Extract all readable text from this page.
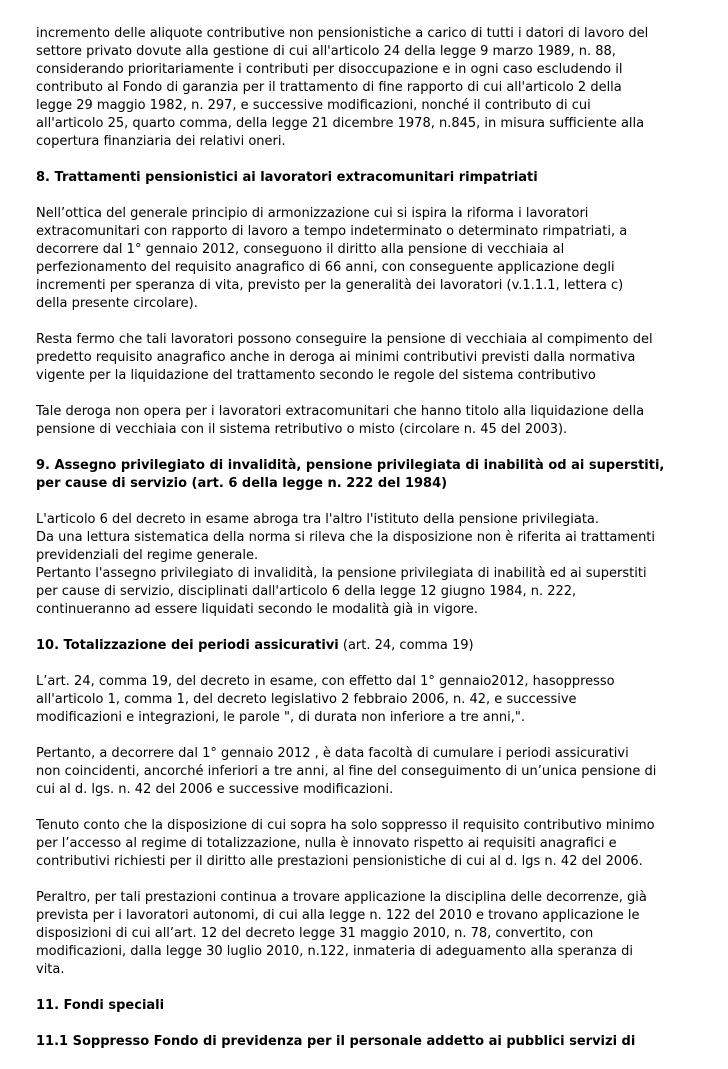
incremento delle aliquote contributive non pensionistiche a carico di tutti i datori di lavoro del
settore privato dovute alla gestione di cui all'articolo 24 della legge 9 marzo 1989, n. 88,
considerando prioritariamente i contributi per disoccupazione e in ogni caso escludendo il
contributo al Fondo di garanzia per il trattamento di fine rapporto di cui all'articolo 2 della
legge 29 maggio 1982, n. 297, e successive modificazioni, nonché il contributo di cui
all'articolo 25, quarto comma, della legge 21 dicembre 1978, n.845, in misura sufficiente alla
copertura finanziaria dei relativi oneri.
8. Trattamenti pensionistici ai lavoratori extracomunitari rimpatriati
Nell’ottica del generale principio di armonizzazione cui si ispira la riforma i lavoratori
extracomunitari con rapporto di lavoro a tempo indeterminato o determinato rimpatriati, a
decorrere dal 1° gennaio 2012, conseguono il diritto alla pensione di vecchiaia al
perfezionamento del requisito anagrafico di 66 anni, con conseguente applicazione degli
incrementi per speranza di vita, previsto per la generalità dei lavoratori (v.1.1.1, lettera c)
della presente circolare).
Resta fermo che tali lavoratori possono conseguire la pensione di vecchiaia al compimento del
predetto requisito anagrafico anche in deroga ai minimi contributivi previsti dalla normativa
vigente per la liquidazione del trattamento secondo le regole del sistema contributivo
Tale deroga non opera per i lavoratori extracomunitari che hanno titolo alla liquidazione della
pensione di vecchiaia con il sistema retributivo o misto (circolare n. 45 del 2003).
9. Assegno privilegiato di invalidità, pensione privilegiata di inabilità od ai superstiti,
per cause di servizio (art. 6 della legge n. 222 del 1984)
L'articolo 6 del decreto in esame abroga tra l'altro l'istituto della pensione privilegiata.
Da una lettura sistematica della norma si rileva che la disposizione non è riferita ai trattamenti
previdenziali del regime generale.
Pertanto l'assegno privilegiato di invalidità, la pensione privilegiata di inabilità ed ai superstiti
per cause di servizio, disciplinati dall'articolo 6 della legge 12 giugno 1984, n. 222,
continueranno ad essere liquidati secondo le modalità già in vigore.
10. Totalizzazione dei periodi assicurativi (art. 24, comma 19)
L’art. 24, comma 19, del decreto in esame, con effetto dal 1° gennaio2012, hasoppresso
all'articolo 1, comma 1, del decreto legislativo 2 febbraio 2006, n. 42, e successive
modificazioni e integrazioni, le parole ", di durata non inferiore a tre anni,".
Pertanto, a decorrere dal 1° gennaio 2012 , è data facoltà di cumulare i periodi assicurativi
non coincidenti, ancorché inferiori a tre anni, al fine del conseguimento di un’unica pensione di
cui al d. lgs. n. 42 del 2006 e successive modificazioni.
Tenuto conto che la disposizione di cui sopra ha solo soppresso il requisito contributivo minimo
per l’accesso al regime di totalizzazione, nulla è innovato rispetto ai requisiti anagrafici e
contributivi richiesti per il diritto alle prestazioni pensionistiche di cui al d. lgs n. 42 del 2006.
Peraltro, per tali prestazioni continua a trovare applicazione la disciplina delle decorrenze, già
prevista per i lavoratori autonomi, di cui alla legge n. 122 del 2010 e trovano applicazione le
disposizioni di cui all’art. 12 del decreto legge 31 maggio 2010, n. 78, convertito, con
modificazioni, dalla legge 30 luglio 2010, n.122, inmateria di adeguamento alla speranza di
vita.
11. Fondi speciali
11.1 Soppresso Fondo di previdenza per il personale addetto ai pubblici servizi di
